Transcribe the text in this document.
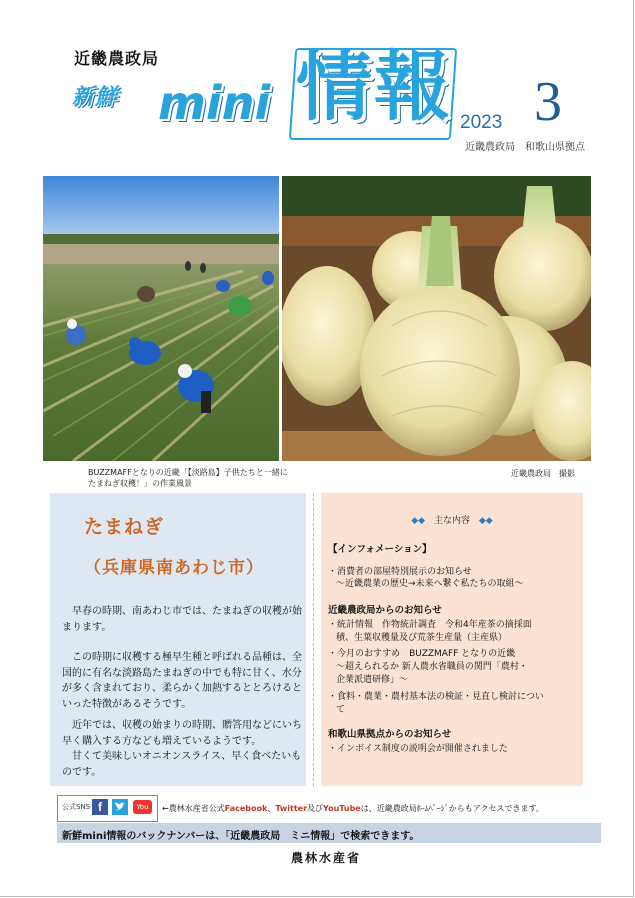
近畿農政局
新鮮 mini 情報 2023 3
近畿農政局　和歌山県拠点
BUZZMAFFとなりの近畿「【淡路島】子供たちと一緒に
たまねぎ収穫！」の作業風景
近畿農政局　撮影
たまねぎ
（兵庫県南あわじ市）

早春の時期、南あわじ市では、たまねぎの収穫が始まります。

この時期に収穫する極早生種と呼ばれる品種は、全国的に有名な淡路島たまねぎの中でも特に甘く、水分が多く含まれており、柔らかく加熱するととろけるといった特徴があるそうです。

近年では、収穫の始まりの時期、贈答用などにいち早く購入する方なども増えているようです。

甘くて美味しいオニオンスライス、早く食べたいものです。

◆◆ 主な内容 ◆◆
【インフォメーション】
・消費者の部屋特別展示のお知らせ
～近畿農業の歴史→未来へ繋ぐ私たちの取組～
近畿農政局からのお知らせ
・統計情報　作物統計調査　令和4年産茶の摘採面
積、生葉収穫量及び荒茶生産量（主産県）
・今月のおすすめ　BUZZMAFF となりの近畿
～超えられるか 新人農水省職員の関門「農村・
企業派遣研修」～
・食料・農業・農村基本法の検証・見直し検討につい
て
和歌山県拠点からのお知らせ
・インボイス制度の説明会が開催されました
公式SNS f	You	←農林水産省公式Facebook、Twitter及びYouTubeは、近畿農政局ﾎｰﾑﾍﾟｰｼﾞからもアクセスできます。
新鮮mini情報のバックナンバーは、「近畿農政局　ミニ情報」で検索できます。
農林水産省
